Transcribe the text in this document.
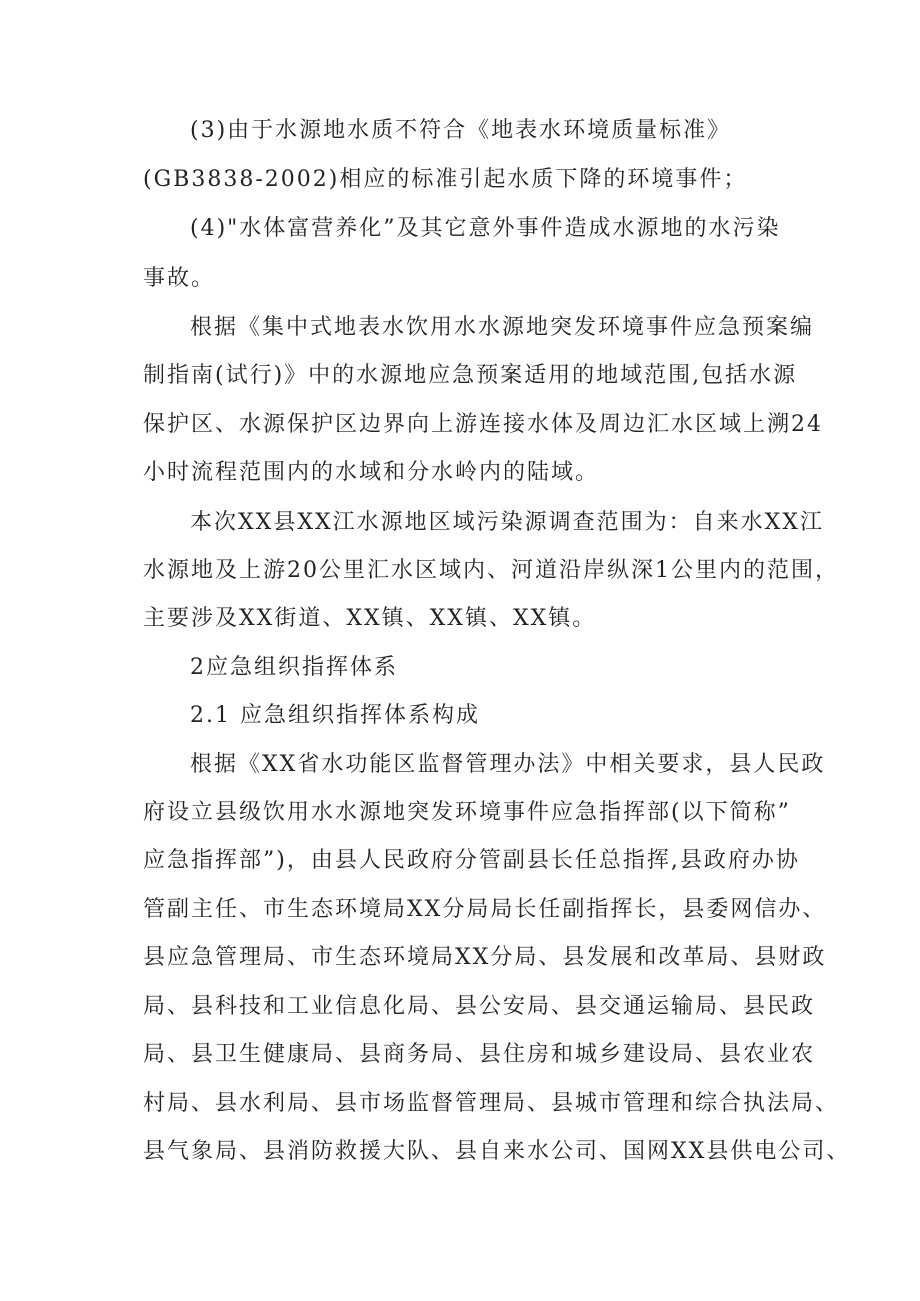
(3)由于水源地水质不符合《地表水环境质量标准》
(GB3838-2002)相应的标准引起水质下降的环境事件；
(4)"水体富营养化”及其它意外事件造成水源地的水污染
事故。
根据《集中式地表水饮用水水源地突发环境事件应急预案编
制指南(试行)》中的水源地应急预案适用的地域范围,包括水源
保护区、水源保护区边界向上游连接水体及周边汇水区域上溯24
小时流程范围内的水域和分水岭内的陆域。
本次XX县XX江水源地区域污染源调查范围为：自来水XX江
水源地及上游20公里汇水区域内、河道沿岸纵深1公里内的范围，
主要涉及XX街道、XX镇、XX镇、XX镇。
2应急组织指挥体系
2.1 应急组织指挥体系构成
根据《XX省水功能区监督管理办法》中相关要求，县人民政
府设立县级饮用水水源地突发环境事件应急指挥部(以下简称”
应急指挥部”)，由县人民政府分管副县长任总指挥,县政府办协
管副主任、市生态环境局XX分局局长任副指挥长，县委网信办、
县应急管理局、市生态环境局XX分局、县发展和改革局、县财政
局、县科技和工业信息化局、县公安局、县交通运输局、县民政
局、县卫生健康局、县商务局、县住房和城乡建设局、县农业农
村局、县水利局、县市场监督管理局、县城市管理和综合执法局、
县气象局、县消防救援大队、县自来水公司、国网XX县供电公司、
